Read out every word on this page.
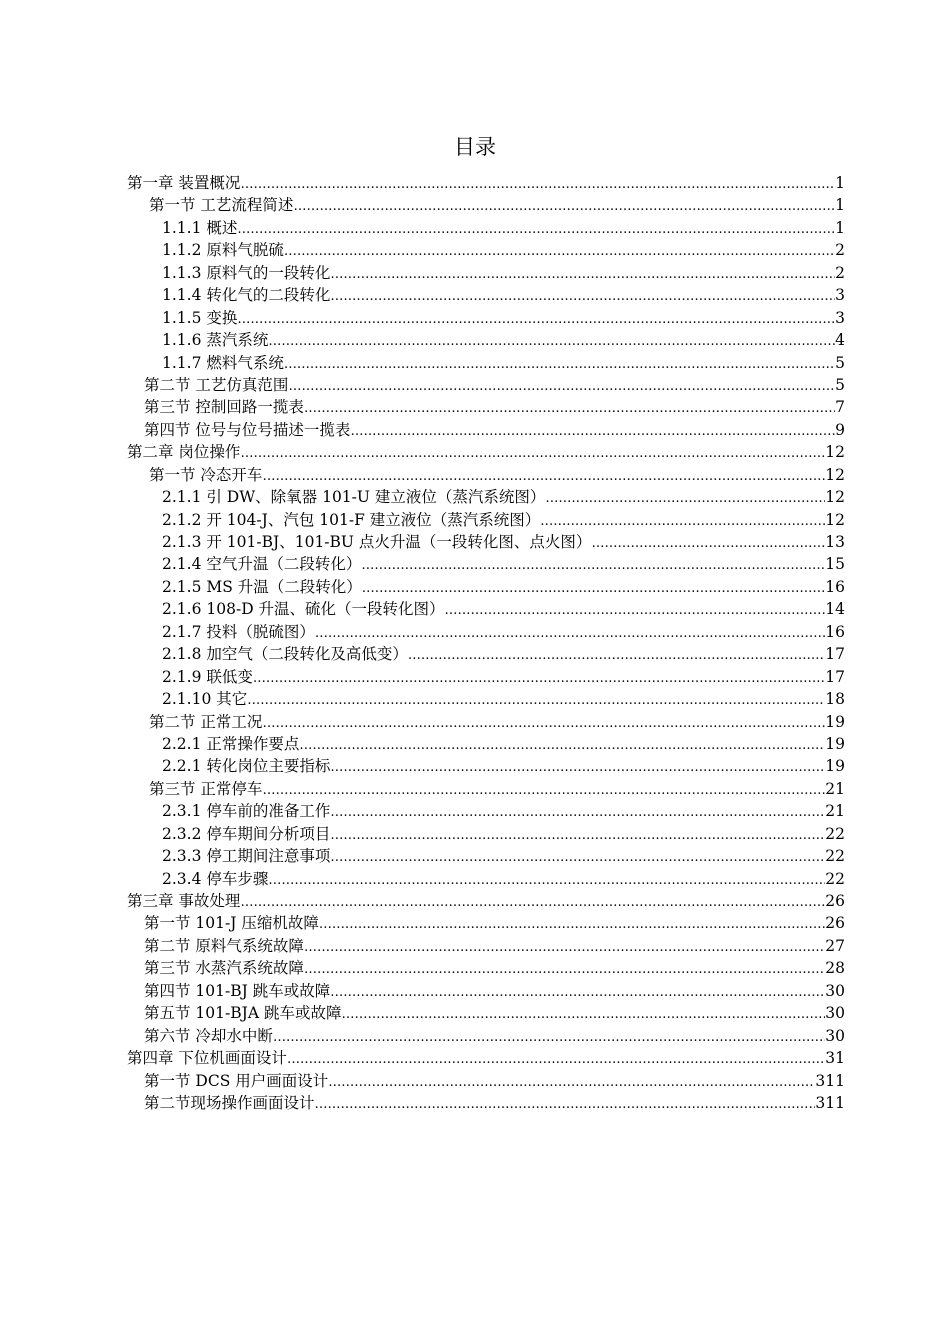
目录
第一章 装置概况 …………………………………………………………………………………………………………………………………………………………………………………………………	1
第一节 工艺流程简述 …………………………………………………………………………………………………………………………………………………………………………………………………	1
1.1.1 概述 …………………………………………………………………………………………………………………………………………………………………………………………………	1
1.1.2 原料气脱硫 …………………………………………………………………………………………………………………………………………………………………………………………………	2
1.1.3 原料气的一段转化 …………………………………………………………………………………………………………………………………………………………………………………………………	2
1.1.4 转化气的二段转化 …………………………………………………………………………………………………………………………………………………………………………………………………	3
1.1.5 变换 …………………………………………………………………………………………………………………………………………………………………………………………………	3
1.1.6 蒸汽系统 …………………………………………………………………………………………………………………………………………………………………………………………………	4
1.1.7 燃料气系统 …………………………………………………………………………………………………………………………………………………………………………………………………	5
第二节 工艺仿真范围 …………………………………………………………………………………………………………………………………………………………………………………………………	5
第三节 控制回路一揽表 …………………………………………………………………………………………………………………………………………………………………………………………………	7
第四节 位号与位号描述一揽表 …………………………………………………………………………………………………………………………………………………………………………………………………	9
第二章 岗位操作 …………………………………………………………………………………………………………………………………………………………………………………………………	12
第一节 冷态开车 …………………………………………………………………………………………………………………………………………………………………………………………………	12
2.1.1 引 DW、除氧器 101-U 建立液位（蒸汽系统图） …………………………………………………………………………………………………………………………………………………………………………………………………	12
2.1.2 开 104-J、汽包 101-F 建立液位（蒸汽系统图） …………………………………………………………………………………………………………………………………………………………………………………………………	12
2.1.3 开 101-BJ、101-BU 点火升温（一段转化图、点火图） …………………………………………………………………………………………………………………………………………………………………………………………………	13
2.1.4 空气升温（二段转化） …………………………………………………………………………………………………………………………………………………………………………………………………	15
2.1.5 MS 升温（二段转化） …………………………………………………………………………………………………………………………………………………………………………………………………	16
2.1.6 108-D 升温、硫化（一段转化图） …………………………………………………………………………………………………………………………………………………………………………………………………	14
2.1.7 投料（脱硫图） …………………………………………………………………………………………………………………………………………………………………………………………………	16
2.1.8 加空气（二段转化及高低变） …………………………………………………………………………………………………………………………………………………………………………………………………	17
2.1.9 联低变 …………………………………………………………………………………………………………………………………………………………………………………………………	17
2.1.10 其它 …………………………………………………………………………………………………………………………………………………………………………………………………	18
第二节 正常工况 …………………………………………………………………………………………………………………………………………………………………………………………………	19
2.2.1 正常操作要点 …………………………………………………………………………………………………………………………………………………………………………………………………	19
2.2.1 转化岗位主要指标 …………………………………………………………………………………………………………………………………………………………………………………………………	19
第三节 正常停车 …………………………………………………………………………………………………………………………………………………………………………………………………	21
2.3.1 停车前的准备工作 …………………………………………………………………………………………………………………………………………………………………………………………………	21
2.3.2 停车期间分析项目 …………………………………………………………………………………………………………………………………………………………………………………………………	22
2.3.3 停工期间注意事项 …………………………………………………………………………………………………………………………………………………………………………………………………	22
2.3.4 停车步骤 …………………………………………………………………………………………………………………………………………………………………………………………………	22
第三章 事故处理 …………………………………………………………………………………………………………………………………………………………………………………………………	26
第一节 101-J 压缩机故障 …………………………………………………………………………………………………………………………………………………………………………………………………	26
第二节 原料气系统故障 …………………………………………………………………………………………………………………………………………………………………………………………………	27
第三节 水蒸汽系统故障 …………………………………………………………………………………………………………………………………………………………………………………………………	28
第四节 101-BJ 跳车或故障 …………………………………………………………………………………………………………………………………………………………………………………………………	30
第五节 101-BJA 跳车或故障 …………………………………………………………………………………………………………………………………………………………………………………………………	30
第六节 冷却水中断 …………………………………………………………………………………………………………………………………………………………………………………………………	30
第四章 下位机画面设计 …………………………………………………………………………………………………………………………………………………………………………………………………	31
第一节 DCS 用户画面设计 …………………………………………………………………………………………………………………………………………………………………………………………………	311
第二节现场操作画面设计 …………………………………………………………………………………………………………………………………………………………………………………………………	311
